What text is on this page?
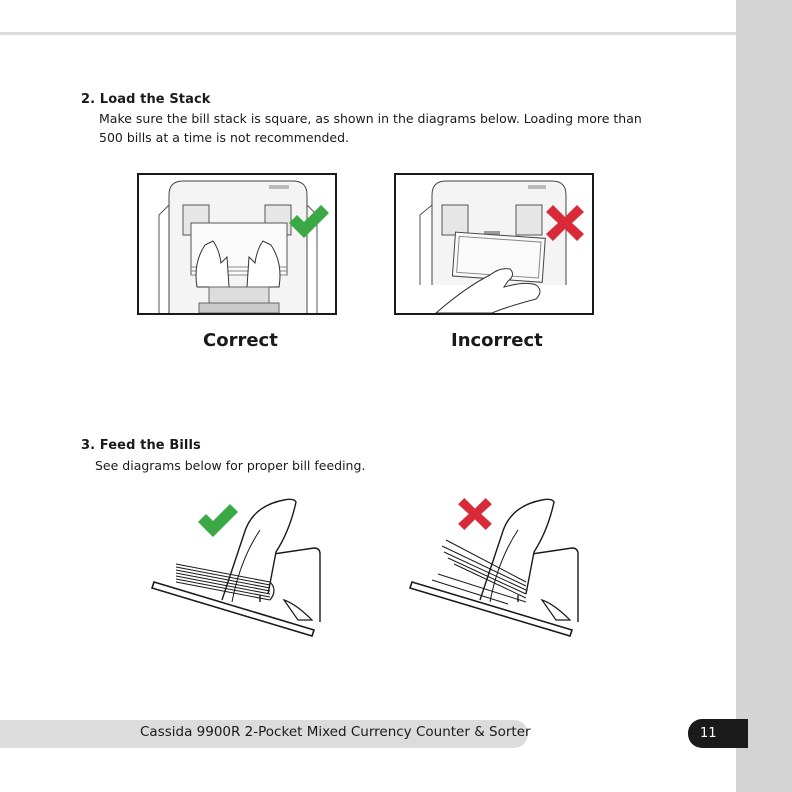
2. Load the Stack
Make sure the bill stack is square, as shown in the diagrams below. Loading more than
500 bills at a time is not recommended.
Correct	Incorrect
3. Feed the Bills
See diagrams below for proper bill feeding.
Cassida 9900R 2-Pocket Mixed Currency Counter & Sorter	11
